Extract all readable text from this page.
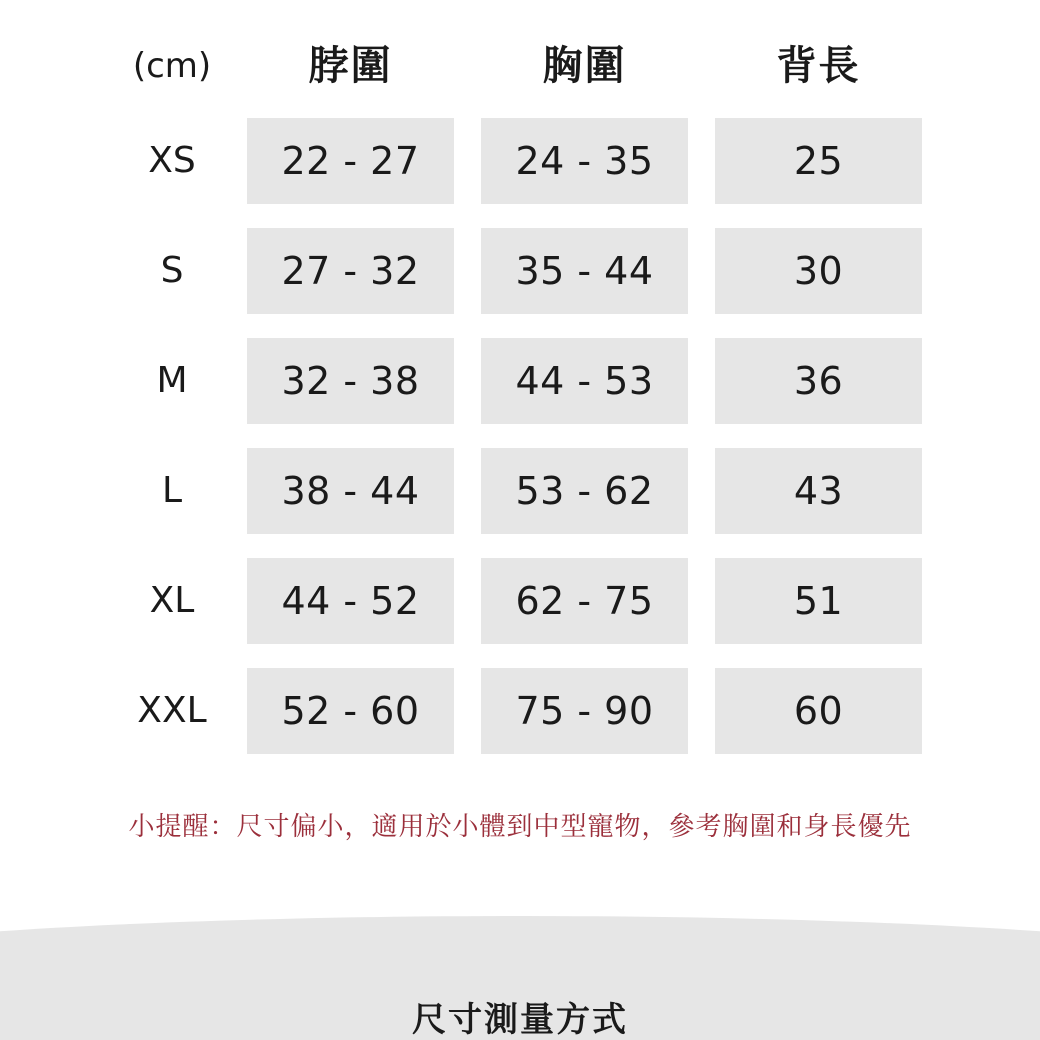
(cm)	脖圍	胸圍	背長
XS	22 - 27	24 - 35	25
S	27 - 32	35 - 44	30
M	32 - 38	44 - 53	36
L	38 - 44	53 - 62	43
XL	44 - 52	62 - 75	51
XXL	52 - 60	75 - 90	60
小提醒：尺寸偏小，適用於小體到中型寵物，參考胸圍和身長優先
尺寸測量方式
